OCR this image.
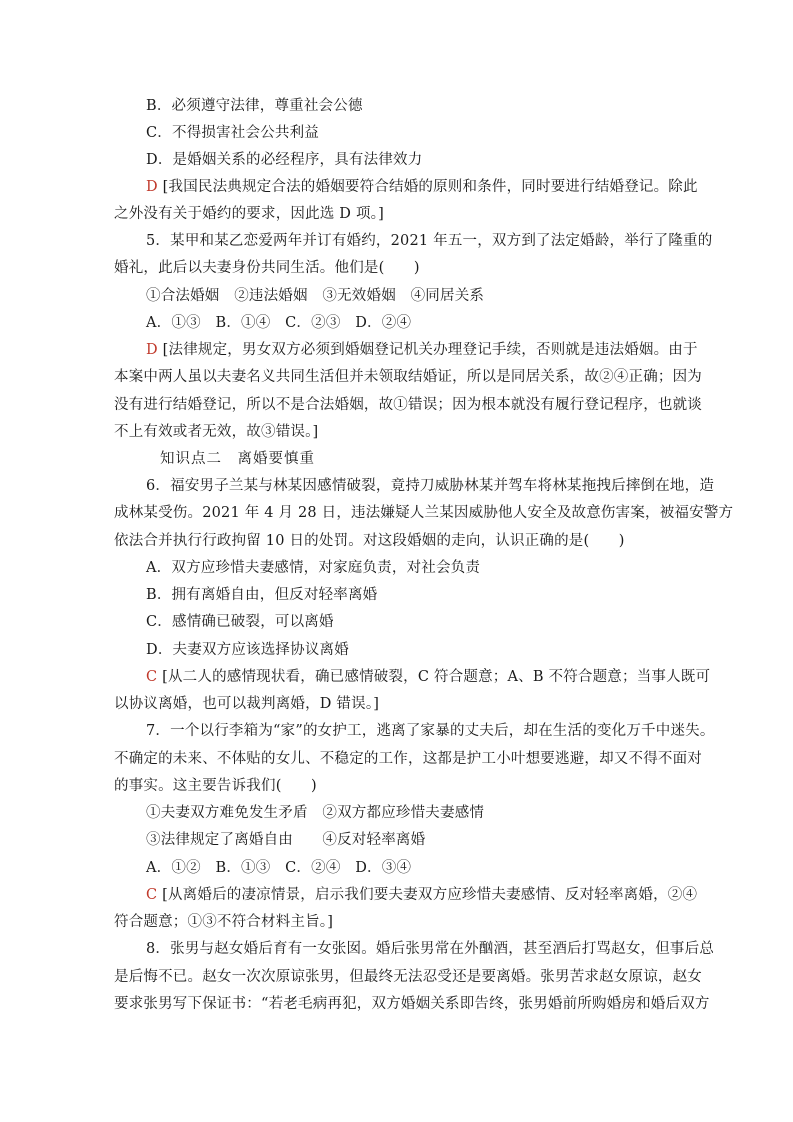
B．必须遵守法律，尊重社会公德
C．不得损害社会公共利益
D．是婚姻关系的必经程序，具有法律效力
D [我国民法典规定合法的婚姻要符合结婚的原则和条件，同时要进行结婚登记。除此
之外没有关于婚约的要求，因此选 D 项。]
5．某甲和某乙恋爱两年并订有婚约，2021 年五一，双方到了法定婚龄，举行了隆重的
婚礼，此后以夫妻身份共同生活。他们是(　　)
①合法婚姻　②违法婚姻　③无效婚姻　④同居关系
A．①③　B．①④　C．②③　D．②④
D [法律规定，男女双方必须到婚姻登记机关办理登记手续，否则就是违法婚姻。由于
本案中两人虽以夫妻名义共同生活但并未领取结婚证，所以是同居关系，故②④正确；因为
没有进行结婚登记，所以不是合法婚姻，故①错误；因为根本就没有履行登记程序，也就谈
不上有效或者无效，故③错误。]
知识点二　离婚要慎重
6．福安男子兰某与林某因感情破裂，竟持刀威胁林某并驾车将林某拖拽后摔倒在地，造
成林某受伤。2021 年 4 月 28 日，违法嫌疑人兰某因威胁他人安全及故意伤害案，被福安警方
依法合并执行行政拘留 10 日的处罚。对这段婚姻的走向，认识正确的是(　　)
A．双方应珍惜夫妻感情，对家庭负责，对社会负责
B．拥有离婚自由，但反对轻率离婚
C．感情确已破裂，可以离婚
D．夫妻双方应该选择协议离婚
C [从二人的感情现状看，确已感情破裂，C 符合题意；A、B 不符合题意；当事人既可
以协议离婚，也可以裁判离婚，D 错误。]
7．一个以行李箱为“家”的女护工，逃离了家暴的丈夫后，却在生活的变化万千中迷失。
不确定的未来、不体贴的女儿、不稳定的工作，这都是护工小叶想要逃避，却又不得不面对
的事实。这主要告诉我们(　　)
①夫妻双方难免发生矛盾　②双方都应珍惜夫妻感情
③法律规定了离婚自由　　④反对轻率离婚
A．①②　B．①③　C．②④　D．③④
C [从离婚后的凄凉情景，启示我们要夫妻双方应珍惜夫妻感情、反对轻率离婚，②④
符合题意；①③不符合材料主旨。]
8．张男与赵女婚后育有一女张囡。婚后张男常在外酗酒，甚至酒后打骂赵女，但事后总
是后悔不已。赵女一次次原谅张男，但最终无法忍受还是要离婚。张男苦求赵女原谅，赵女
要求张男写下保证书：“若老毛病再犯，双方婚姻关系即告终，张男婚前所购婚房和婚后双方
